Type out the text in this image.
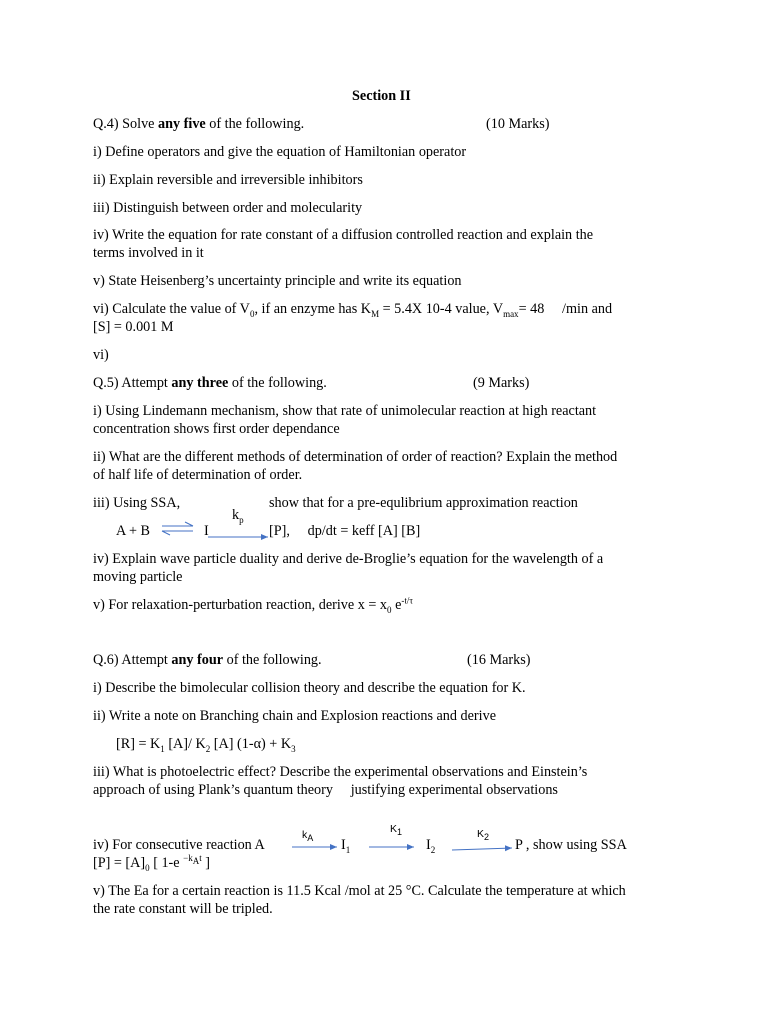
Section II
Q.4) Solve any five of the following.	(10 Marks)
i) Define operators and give the equation of Hamiltonian operator
ii) Explain reversible and irreversible inhibitors
iii) Distinguish between order and molecularity
iv) Write the equation for rate constant of a diffusion controlled reaction and explain the
terms involved in it
v) State Heisenberg’s uncertainty principle and write its equation
vi) Calculate the value of $V_0$, if an enzyme has $K_M = 5.4X$ 10-4 value, $V_{max}= 48$     /min and
[S] = 0.001 M
vi)
Q.5) Attempt any three of the following.	(9 Marks)
i) Using Lindemann mechanism, show that rate of unimolecular reaction at high reactant
concentration shows first order dependance
ii) What are the different methods of determination of order of reaction? Explain the method
of half life of determination of order.
iii) Using SSA,	show that for a pre-equlibrium approximation reaction
$k_p$
A + B	I	[P],     dp/dt = keff [A] [B]
iv) Explain wave particle duality and derive de-Broglie’s equation for the wavelength of a
moving particle
v) For relaxation-perturbation reaction, derive $x = x_0$ $e^{-t/\tau}$
Q.6) Attempt any four of the following.	(16 Marks)
i) Describe the bimolecular collision theory and describe the equation for K.
ii) Write a note on Branching chain and Explosion reactions and derive
$[R] = K_1$ [A]/ $K_2$ [A] $(1-\alpha) + K_3$
iii) What is photoelectric effect? Describe the experimental observations and Einstein’s
approach of using Plank’s quantum theory     justifying experimental observations
$k_A$
$K_1$	$K_2$
iv) For consecutive reaction A	$I_1$	$I_2$	P , show using SSA
$[P] = [A]_0$ [ 1-e $^{-k_At}$ ]
v) The Ea for a certain reaction is 11.5 Kcal /mol at 25 °C. Calculate the temperature at which
the rate constant will be tripled.
